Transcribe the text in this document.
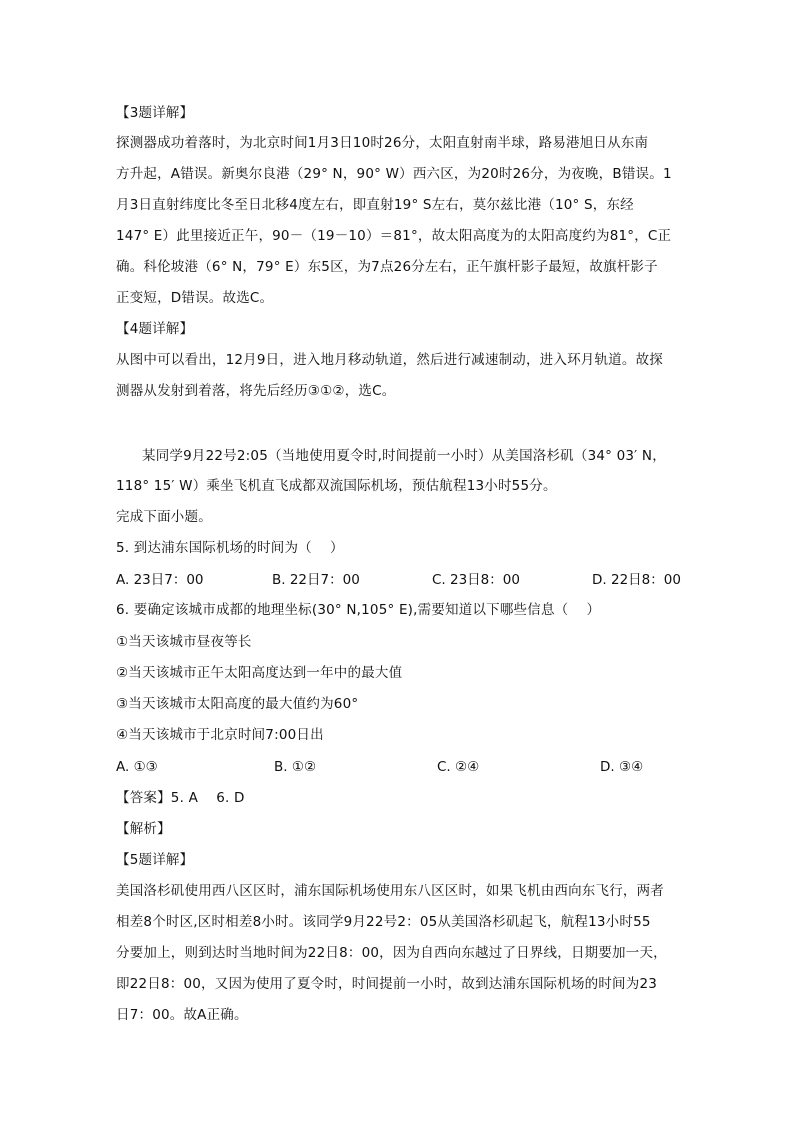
【3题详解】
探测器成功着落时，为北京时间1月3日10时26分，太阳直射南半球，路易港旭日从东南
方升起，A错误。新奥尔良港（29° N，90° W）西六区，为20时26分，为夜晚，B错误。1
月3日直射纬度比冬至日北移4度左右，即直射19° S左右，莫尔兹比港（10° S，东经
147° E）此里接近正午，90－（19－10）＝81°，故太阳高度为的太阳高度约为81°，C正
确。科伦坡港（6° N，79° E）东5区，为7点26分左右，正午旗杆影子最短，故旗杆影子
正变短，D错误。故选C。
【4题详解】
从图中可以看出，12月9日，进入地月移动轨道，然后进行减速制动，进入环月轨道。故探
测器从发射到着落，将先后经历③①②，选C。
某同学9月22号2:05（当地使用夏令时,时间提前一小时）从美国洛杉矶（34° 03′ N，
118° 15′ W）乘坐飞机直飞成都双流国际机场，预估航程13小时55分。
完成下面小题。
5. 到达浦东国际机场的时间为（　 ）
A. 23日7：00	B. 22日7：00	C. 23日8：00	D. 22日8：00
6. 要确定该城市成都的地理坐标(30° N,105° E),需要知道以下哪些信息（　 ）
①当天该城市昼夜等长
②当天该城市正午太阳高度达到一年中的最大值
③当天该城市太阳高度的最大值约为60°
④当天该城市于北京时间7:00日出
A. ①③	B. ①②	C. ②④	D. ③④
【答案】5. A　 6. D
【解析】
【5题详解】
美国洛杉矶使用西八区区时，浦东国际机场使用东八区区时，如果飞机由西向东飞行，两者
相差8个时区,区时相差8小时。该同学9月22号2：05从美国洛杉矶起飞，航程13小时55
分要加上，则到达时当地时间为22日8：00，因为自西向东越过了日界线，日期要加一天，
即22日8：00，又因为使用了夏令时，时间提前一小时，故到达浦东国际机场的时间为23
日7：00。故A正确。
